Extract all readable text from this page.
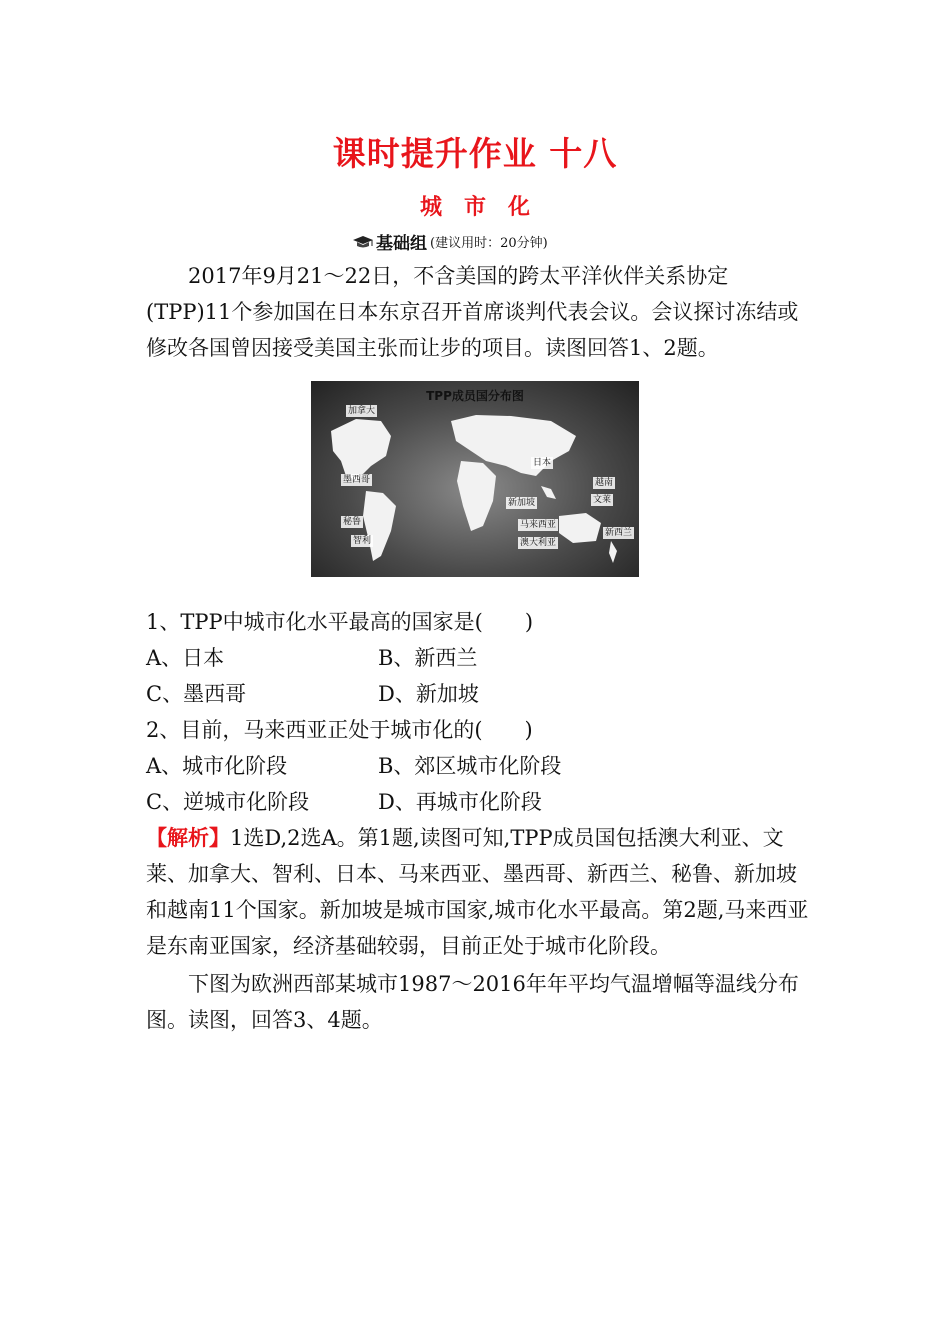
课时提升作业 十八
城市化
基础组 (建议用时：20分钟)
2017年9月21～22日，不含美国的跨太平洋伙伴关系协定(TPP)11个参加国在日本东京召开首席谈判代表会议。会议探讨冻结或修改各国曾因接受美国主张而让步的项目。读图回答1、2题。
TPP成员国分布图
加拿大
墨西哥
秘鲁
智利
日本
越南
文莱
新加坡
马来西亚
澳大利亚
新西兰
1、TPP中城市化水平最高的国家是(　　)
A、日本	B、新西兰
C、墨西哥	D、新加坡
2、目前，马来西亚正处于城市化的(　　)
A、城市化阶段	B、郊区城市化阶段
C、逆城市化阶段	D、再城市化阶段
【解析】1选D,2选A。第1题,读图可知,TPP成员国包括澳大利亚、文莱、加拿大、智利、日本、马来西亚、墨西哥、新西兰、秘鲁、新加坡和越南11个国家。新加坡是城市国家,城市化水平最高。第2题,马来西亚是东南亚国家，经济基础较弱，目前正处于城市化阶段。
下图为欧洲西部某城市1987～2016年年平均气温增幅等温线分布图。读图，回答3、4题。
